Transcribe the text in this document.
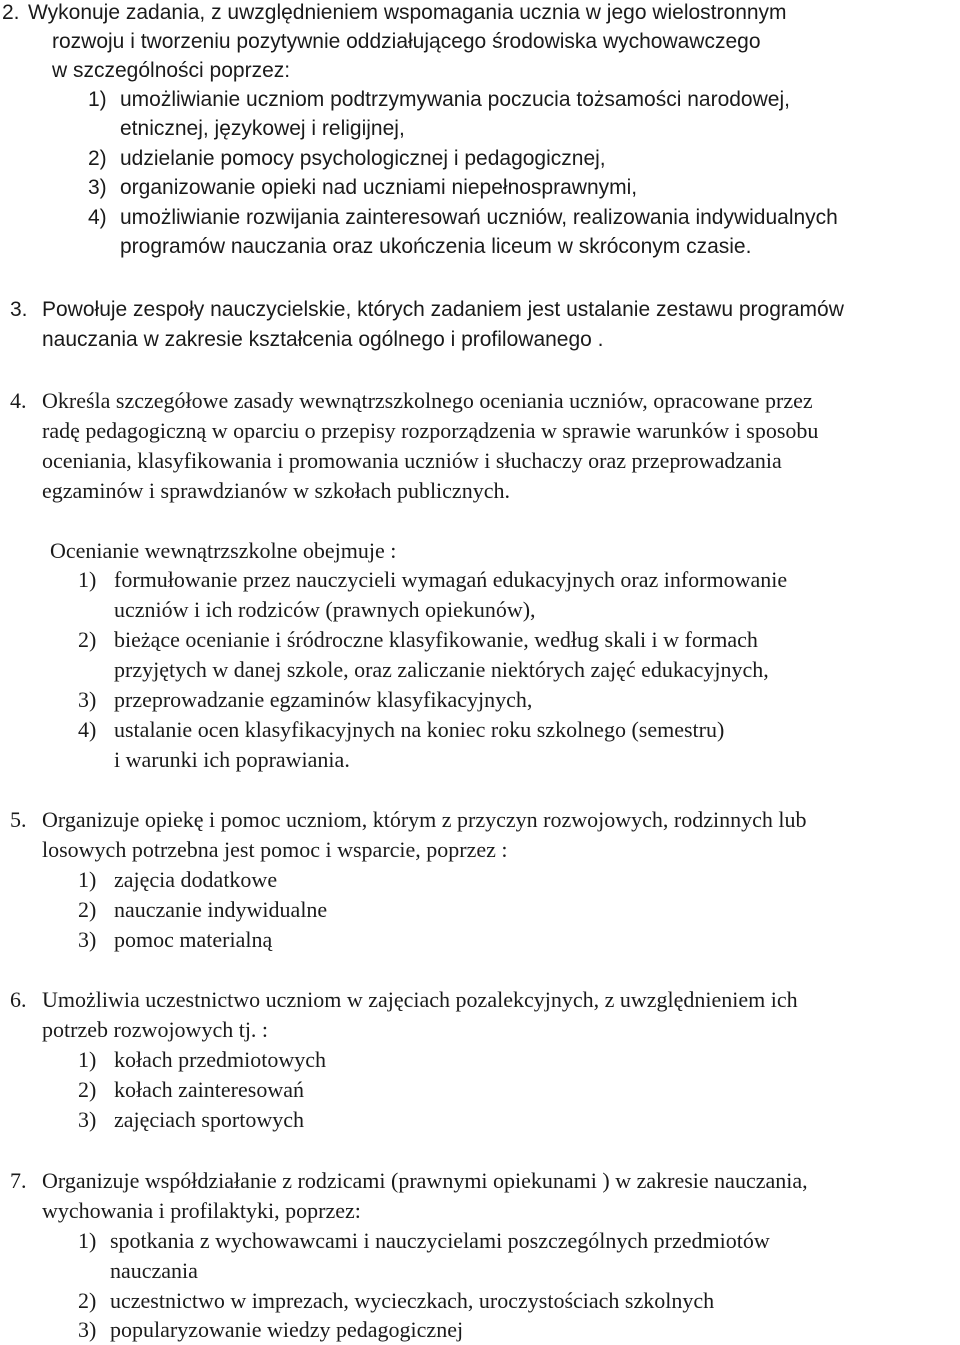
2. Wykonuje zadania, z uwzględnieniem wspomagania ucznia w jego wielostronnym
rozwoju i tworzeniu pozytywnie oddziałującego środowiska wychowawczego
w szczególności poprzez:
1) umożliwianie uczniom podtrzymywania poczucia tożsamości narodowej,
etnicznej, językowej i religijnej,
2) udzielanie pomocy psychologicznej i pedagogicznej,
3) organizowanie opieki nad uczniami niepełnosprawnymi,
4) umożliwianie rozwijania zainteresowań uczniów, realizowania indywidualnych
programów nauczania oraz ukończenia liceum w skróconym czasie.
3. Powołuje zespoły nauczycielskie, których zadaniem jest ustalanie zestawu programów
nauczania w zakresie kształcenia ogólnego i profilowanego .
4. Określa szczegółowe zasady wewnątrzszkolnego oceniania uczniów, opracowane przez
radę pedagogiczną w oparciu o przepisy rozporządzenia w sprawie warunków i sposobu
oceniania, klasyfikowania i promowania uczniów i słuchaczy oraz przeprowadzania
egzaminów i sprawdzianów w szkołach publicznych.
Ocenianie wewnątrzszkolne obejmuje :
1) formułowanie przez nauczycieli wymagań edukacyjnych oraz informowanie
uczniów i ich rodziców (prawnych opiekunów),
2) bieżące ocenianie i śródroczne klasyfikowanie, według skali i w formach
przyjętych w danej szkole, oraz zaliczanie niektórych zajęć edukacyjnych,
3) przeprowadzanie egzaminów klasyfikacyjnych,
4) ustalanie ocen klasyfikacyjnych na koniec roku szkolnego (semestru)
i warunki ich poprawiania.
5. Organizuje opiekę i pomoc uczniom, którym z przyczyn rozwojowych, rodzinnych lub
losowych potrzebna jest pomoc i wsparcie, poprzez :
1) zajęcia dodatkowe
2) nauczanie indywidualne
3) pomoc materialną
6. Umożliwia uczestnictwo uczniom w zajęciach pozalekcyjnych, z uwzględnieniem ich
potrzeb rozwojowych tj. :
1) kołach przedmiotowych
2) kołach zainteresowań
3) zajęciach sportowych
7. Organizuje współdziałanie z rodzicami (prawnymi opiekunami ) w zakresie nauczania,
wychowania i profilaktyki, poprzez:
1) spotkania z wychowawcami i nauczycielami poszczególnych przedmiotów
nauczania
2) uczestnictwo w imprezach, wycieczkach, uroczystościach szkolnych
3) popularyzowanie wiedzy pedagogicznej
